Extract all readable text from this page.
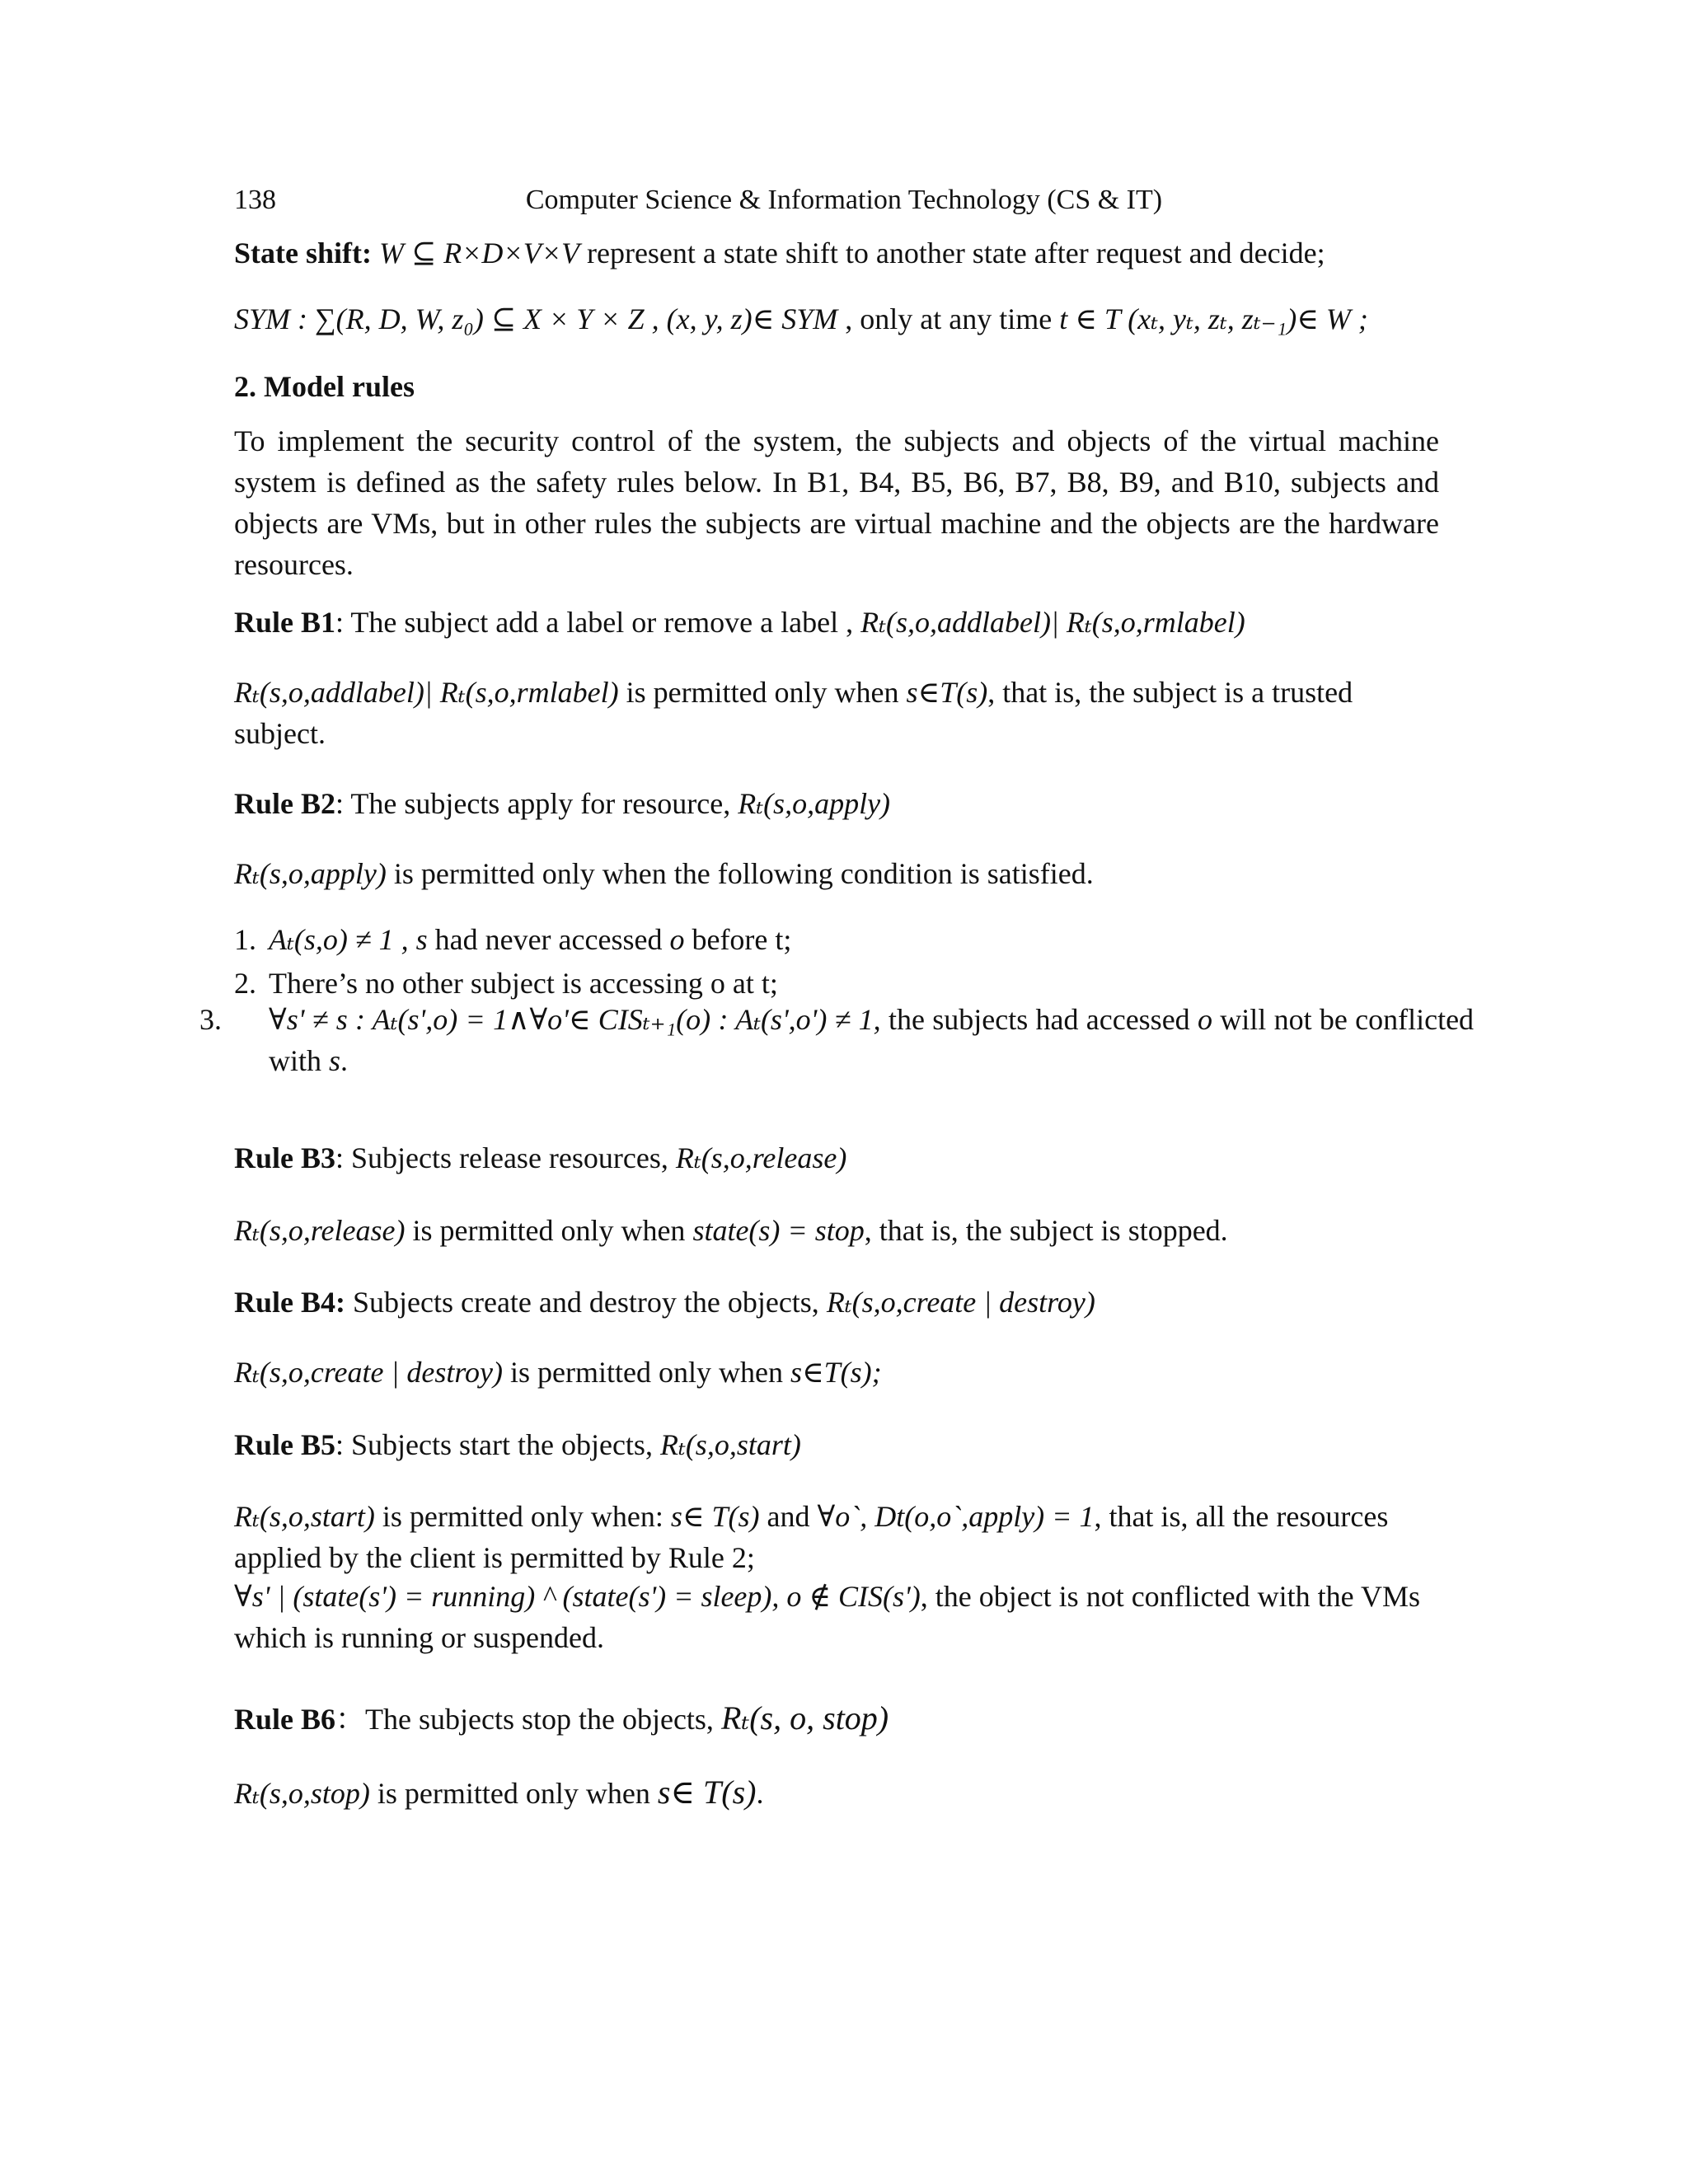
138	Computer Science & Information Technology (CS & IT)
State shift: W ⊆ R×D×V×V represent a state shift to another state after request and decide;
SYM : ∑(R, D, W, z₀) ⊆ X × Y × Z , (x, y, z)∈ SYM , only at any time t ∈ T (xₜ, yₜ, zₜ, zₜ₋₁)∈ W ;
2. Model rules
To implement the security control of the system, the subjects and objects of the virtual machine system is defined as the safety rules below. In B1, B4, B5, B6, B7, B8, B9, and B10, subjects and objects are VMs, but in other rules the subjects are virtual machine and the objects are the hardware resources.
Rule B1: The subject add a label or remove a label , Rₜ(s,o,addlabel)| Rₜ(s,o,rmlabel)
Rₜ(s,o,addlabel)| Rₜ(s,o,rmlabel) is permitted only when s∈T(s), that is, the subject is a trusted subject.
Rule B2: The subjects apply for resource, Rₜ(s,o,apply)
Rₜ(s,o,apply) is permitted only when the following condition is satisfied.
1. Aₜ(s,o) ≠ 1 , s had never accessed o before t;
2. There’s no other subject is accessing o at t;
3. ∀s' ≠ s : Aₜ(s',o) = 1∧∀o'∈ CISₜ₊₁(o) : Aₜ(s',o') ≠ 1, the subjects had accessed o will not be conflicted with s.
Rule B3: Subjects release resources, Rₜ(s,o,release)
Rₜ(s,o,release) is permitted only when state(s) = stop, that is, the subject is stopped.
Rule B4: Subjects create and destroy the objects, Rₜ(s,o,create | destroy)
Rₜ(s,o,create | destroy) is permitted only when s∈T(s);
Rule B5: Subjects start the objects, Rₜ(s,o,start)
Rₜ(s,o,start) is permitted only when: s∈ T(s) and ∀o`, Dt(o,o`,apply) = 1, that is, all the resources applied by the client is permitted by Rule 2;
∀s' | (state(s') = running) ^ (state(s') = sleep), o ∉ CIS(s'), the object is not conflicted with the VMs which is running or suspended.
Rule B6：The subjects stop the objects, Rₜ(s, o, stop)
Rₜ(s,o,stop) is permitted only when s∈ T(s).
